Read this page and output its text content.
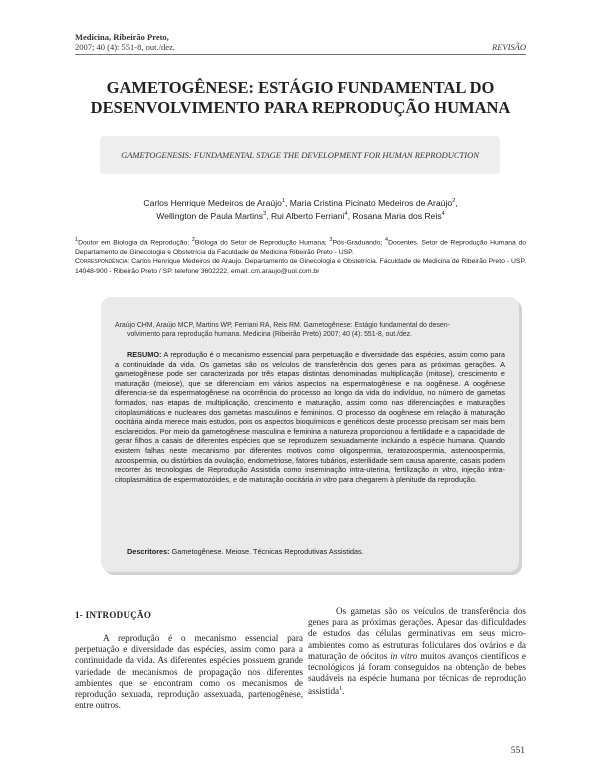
Medicina, Ribeirão Preto,
2007; 40 (4): 551-8, out./dez.	REVISÃO
GAMETOGÊNESE: ESTÁGIO FUNDAMENTAL DO
DESENVOLVIMENTO PARA REPRODUÇÃO HUMANA
GAMETOGENESIS: FUNDAMENTAL STAGE THE DEVELOPMENT FOR HUMAN REPRODUCTION
Carlos Henrique Medeiros de Araújo$^1$, Maria Cristina Picinato Medeiros de Araújo$^2$,
Wellington de Paula Martins$^3$, Rui Alberto Ferriani$^4$, Rosana Maria dos Reis$^4$
$^1$Doutor em Biologia da Reprodução; $^2$Bióloga do Setor de Reprodução Humana; $^3$Pós-Graduando; $^4$Docentes. Setor de Reprodução Humana do Departamento de Ginecologia e Obstetrícia da Faculdade de Medicina Ribeirão Preto - USP.
Correspondência: Carlos Henrique Medeiros de Araujo. Departamento de Ginecologia e Obstetrícia. Faculdade de Medicina de Ribeirão Preto - USP. 14048-900 - Ribeirão Preto / SP. telefone 3602222, email:.cm.araujo@uol.com.br
Araújo CHM, Araújo MCP, Martins WP, Ferriani RA, Reis RM. Gametogênese: Estágio fundamental do desen-
volvimento para reprodução humana. Medicina (Ribeirão Preto) 2007; 40 (4): 551-8, out./dez.
RESUMO: A reprodução é o mecanismo essencial para perpetuação e diversidade das espécies, assim como para a continuidade da vida. Os gametas são os veículos de transferência dos genes para as próximas gerações. A gametogênese pode ser caracterizada por três etapas distintas denominadas multiplicação (mitose), crescimento e maturação (meiose), que se diferenciam em vários aspectos na espermatogênese e na oogênese. A oogênese diferencia-se da espermatogênese na ocorrência do processo ao longo da vida do indivíduo, no número de gametas formados, nas etapas de multiplicação, crescimento e maturação, assim como nas diferenciações e maturações citoplasmáticas e nucleares dos gametas masculinos e femininos. O processo da oogênese em relação à maturação oocitária ainda merece mais estudos, pois os aspectos bioquímicos e genéticos deste processo precisam ser mais bem esclarecidos. Por meio da gametogênese masculina e feminina a natureza proporcionou a fertilidade e a capacidade de gerar filhos a casais de diferentes espécies que se reproduzem sexuadamente incluindo a espécie humana. Quando existem falhas neste mecanismo por diferentes motivos como oligospermia, teratozoospermia, astenoospermia, azoospermia, ou distúrbios da ovulação, endometriose, fatores tubários, esterilidade sem causa aparente, casais podem recorrer às tecnologias de Reprodução Assistida como inseminação intra-uterina, fertilização in vitro, injeção intra-citoplasmática de espermatozóides, e de maturação oocitária in vitro para chegarem à plenitude da reprodução.
Descritores: Gametogênese. Meiose. Técnicas Reprodutivas Assistidas.
1- INTRODUÇÃO
A reprodução é o mecanismo essencial para perpetuação e diversidade das espécies, assim como para a continuidade da vida. As diferentes espécies possuem grande variedade de mecanismos de propagação nos diferentes ambientes que se encontram como os mecanismos de reprodução sexuada, reprodução assexuada, partenogênese, entre outros.
Os gametas são os veículos de transferência dos genes para as próximas gerações. Apesar das dificuldades de estudos das células germinativas em seus micro-ambientes como as estruturas foliculares dos ovários e da maturação de oócitos in vitro muitos avanços científicos e tecnológicos já foram conseguidos na obtenção de bebes saudáveis na espécie humana por técnicas de reprodução assistida$^1$.
551
